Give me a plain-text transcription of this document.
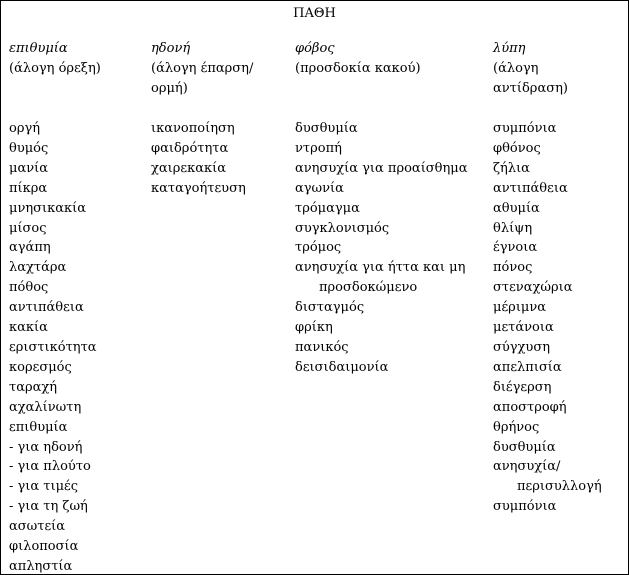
ΠΑΘΗ
επιθυμία
(άλογη όρεξη)
ηδονή
(άλογη έπαρση/ορμή)
φόβος
(προσδοκία κακού)
λύπη
(άλογη αντίδραση)
οργή
θυμός
μανία
πίκρα
μνησικακία
μίσος
αγάπη
λαχτάρα
πόθος
αντιπάθεια
κακία
εριστικότητα
κορεσμός
ταραχή
αχαλίνωτη
επιθυμία
- για ηδονή
- για πλούτο
- για τιμές
- για τη ζωή
ασωτεία
φιλοποσία
απληστία
ικανοποίηση
φαιδρότητα
χαιρεκακία
καταγοήτευση
δυσθυμία
ντροπή
ανησυχία για προαίσθημα
αγωνία
τρόμαγμα
συγκλονισμός
τρόμος
ανησυχία για ήττα και μη
προσδοκώμενο
δισταγμός
φρίκη
πανικός
δεισιδαιμονία
συμπόνια
φθόνος
ζήλια
αντιπάθεια
αθυμία
θλίψη
έγνοια
πόνος
στεναχώρια
μέριμνα
μετάνοια
σύγχυση
απελπισία
διέγερση
αποστροφή
θρήνος
δυσθυμία
ανησυχία/
περισυλλογή
συμπόνια
